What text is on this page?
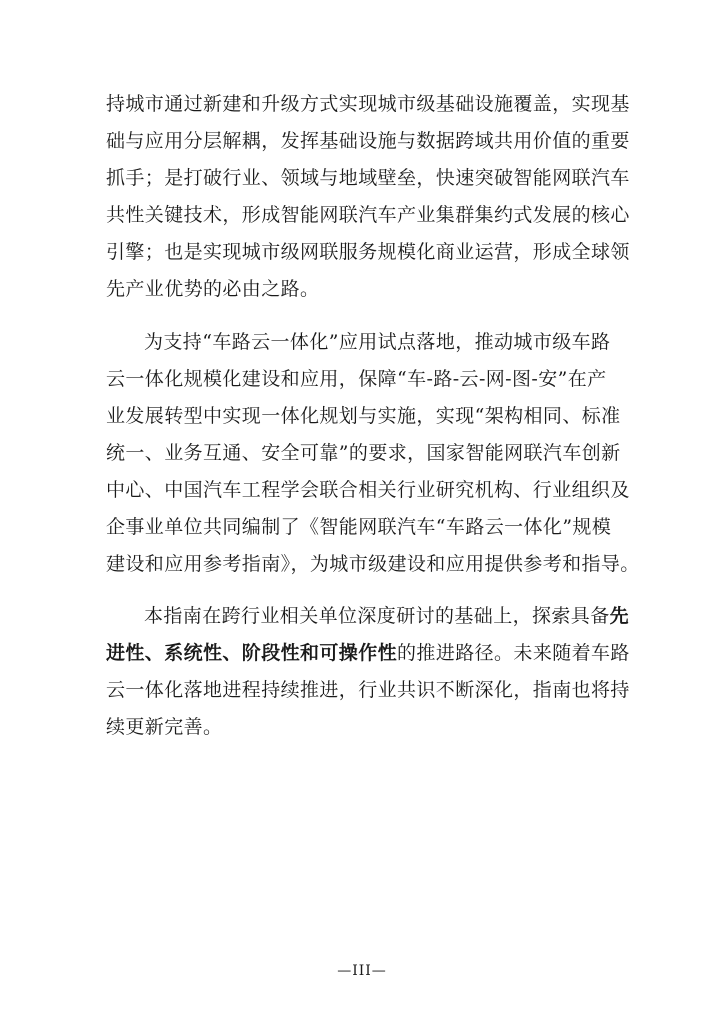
持城市通过新建和升级方式实现城市级基础设施覆盖，实现基
础与应用分层解耦，发挥基础设施与数据跨域共用价值的重要
抓手；是打破行业、领域与地域壁垒，快速突破智能网联汽车
共性关键技术，形成智能网联汽车产业集群集约式发展的核心
引擎；也是实现城市级网联服务规模化商业运营，形成全球领
先产业优势的必由之路。
为支持“车路云一体化”应用试点落地，推动城市级车路
云一体化规模化建设和应用，保障“车-路-云-网-图-安”在产
业发展转型中实现一体化规划与实施，实现“架构相同、标准
统一、业务互通、安全可靠”的要求，国家智能网联汽车创新
中心、中国汽车工程学会联合相关行业研究机构、行业组织及
企事业单位共同编制了《智能网联汽车“车路云一体化”规模
建设和应用参考指南》，为城市级建设和应用提供参考和指导。
本指南在跨行业相关单位深度研讨的基础上，探索具备先
进性、系统性、阶段性和可操作性的推进路径。未来随着车路
云一体化落地进程持续推进，行业共识不断深化，指南也将持
续更新完善。
—III—
